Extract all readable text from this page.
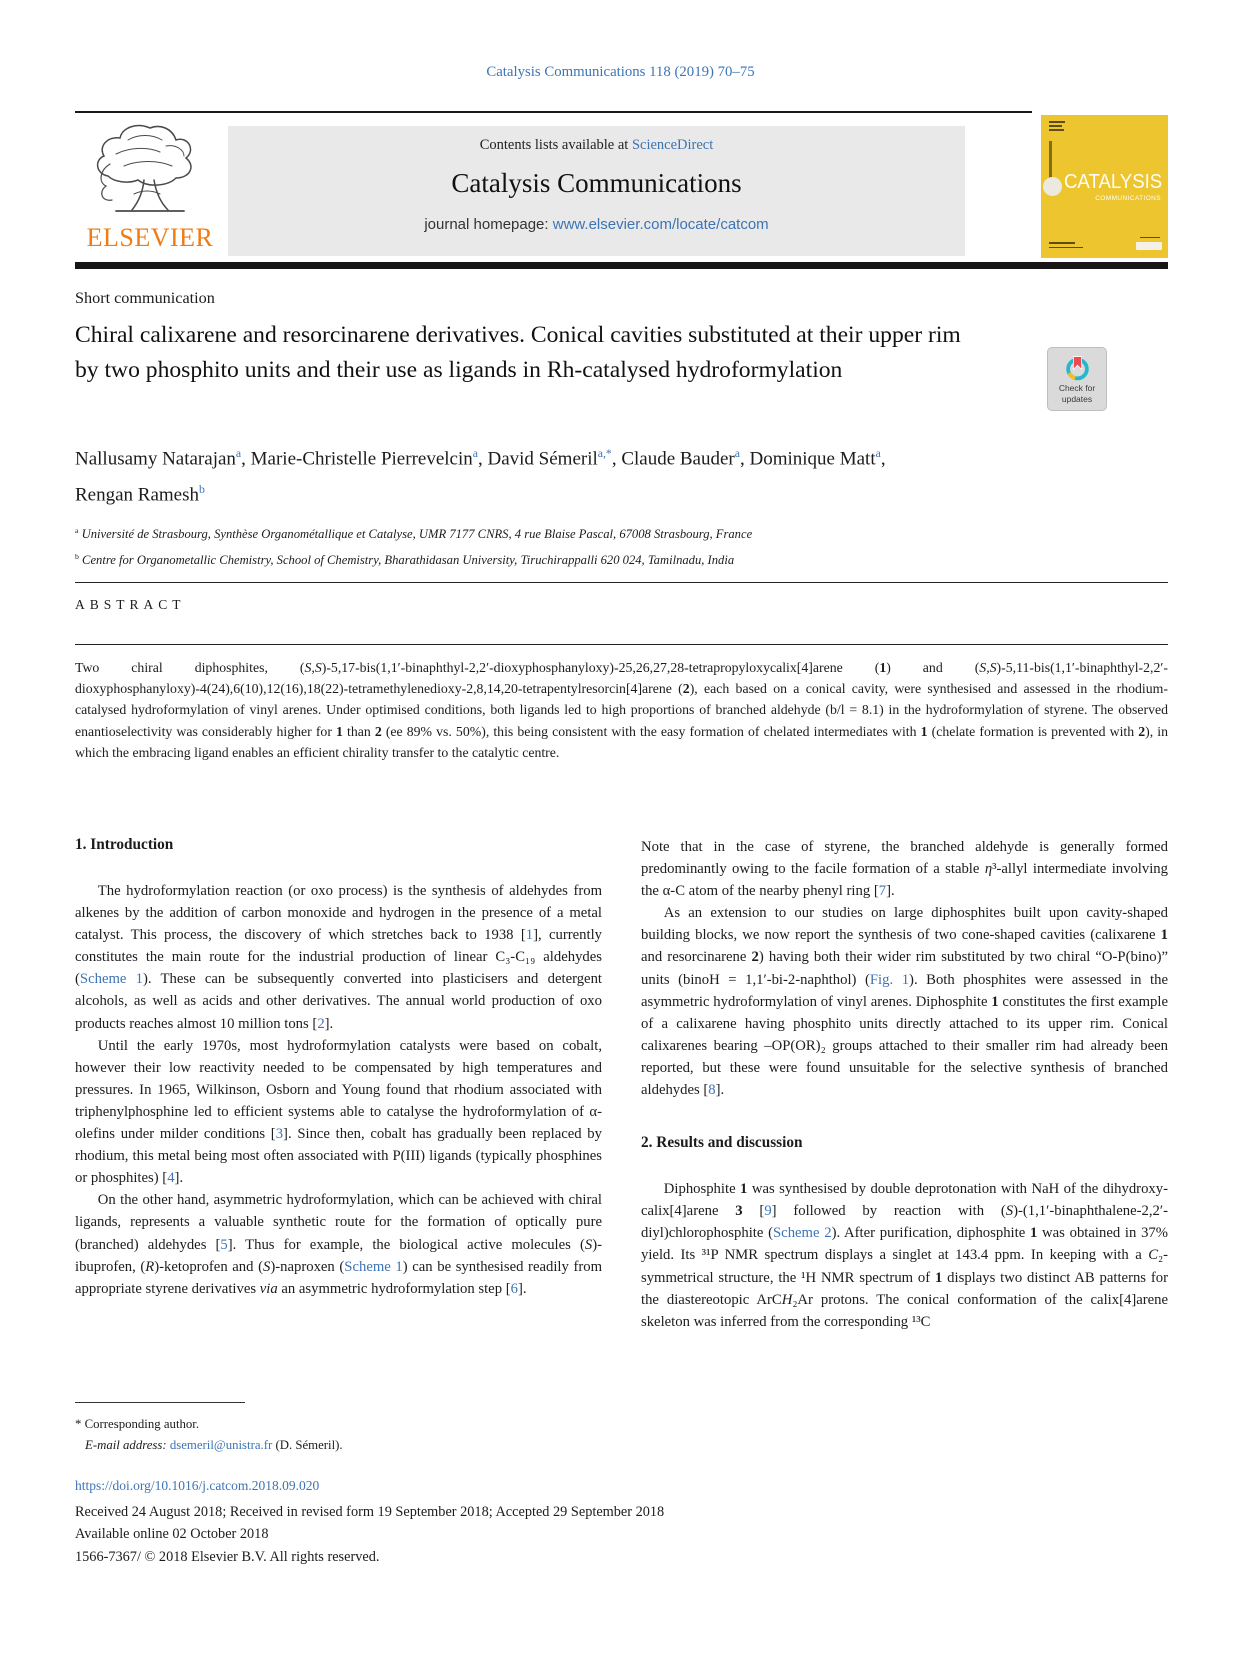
Catalysis Communications 118 (2019) 70–75
ELSEVIER
Contents lists available at ScienceDirect
Catalysis Communications
journal homepage: www.elsevier.com/locate/catcom
CATALYSIS
COMMUNICATIONS
Short communication
Chiral calixarene and resorcinarene derivatives. Conical cavities substituted at their upper rim by two phosphito units and their use as ligands in Rh-catalysed hydroformylation
Check for updates
Nallusamy Natarajan$^a$, Marie-Christelle Pierrevelcin$^a$, David Sémeril$^{a,*}$, Claude Bauder$^a$, Dominique Matt$^a$, Rengan Ramesh$^b$

$^a$ Université de Strasbourg, Synthèse Organométallique et Catalyse, UMR 7177 CNRS, 4 rue Blaise Pascal, 67008 Strasbourg, France

$^b$ Centre for Organometallic Chemistry, School of Chemistry, Bharathidasan University, Tiruchirappalli 620 024, Tamilnadu, India

ABSTRACT
Two chiral diphosphites, (S,S)-5,17-bis(1,1′-binaphthyl-2,2′-dioxyphosphanyloxy)-25,26,27,28-tetrapropyloxycalix[4]arene (1) and (S,S)-5,11-bis(1,1′-binaphthyl-2,2′-dioxyphosphanyloxy)-4(24),6(10),12(16),18(22)-tetramethylenedioxy-2,8,14,20-tetrapentylresorcin[4]arene (2), each based on a conical cavity, were synthesised and assessed in the rhodium-catalysed hydroformylation of vinyl arenes. Under optimised conditions, both ligands led to high proportions of branched aldehyde (b/l = 8.1) in the hydroformylation of styrene. The observed enantioselectivity was considerably higher for 1 than 2 (ee 89% vs. 50%), this being consistent with the easy formation of chelated intermediates with 1 (chelate formation is prevented with 2), in which the embracing ligand enables an efficient chirality transfer to the catalytic centre.
1. Introduction

The hydroformylation reaction (or oxo process) is the synthesis of aldehydes from alkenes by the addition of carbon monoxide and hydrogen in the presence of a metal catalyst. This process, the discovery of which stretches back to 1938 [1], currently constitutes the main route for the industrial production of linear C₃-C₁₉ aldehydes (Scheme 1). These can be subsequently converted into plasticisers and detergent alcohols, as well as acids and other derivatives. The annual world production of oxo products reaches almost 10 million tons [2].

Until the early 1970s, most hydroformylation catalysts were based on cobalt, however their low reactivity needed to be compensated by high temperatures and pressures. In 1965, Wilkinson, Osborn and Young found that rhodium associated with triphenylphosphine led to efficient systems able to catalyse the hydroformylation of α-olefins under milder conditions [3]. Since then, cobalt has gradually been replaced by rhodium, this metal being most often associated with P(III) ligands (typically phosphines or phosphites) [4].

On the other hand, asymmetric hydroformylation, which can be achieved with chiral ligands, represents a valuable synthetic route for the formation of optically pure (branched) aldehydes [5]. Thus for example, the biological active molecules (S)-ibuprofen, (R)-ketoprofen and (S)-naproxen (Scheme 1) can be synthesised readily from appropriate styrene derivatives via an asymmetric hydroformylation step [6].

Note that in the case of styrene, the branched aldehyde is generally formed predominantly owing to the facile formation of a stable η³-allyl intermediate involving the α-C atom of the nearby phenyl ring [7].

As an extension to our studies on large diphosphites built upon cavity-shaped building blocks, we now report the synthesis of two cone-shaped cavities (calixarene 1 and resorcinarene 2) having both their wider rim substituted by two chiral “O-P(bino)” units (binoH = 1,1′-bi-2-naphthol) (Fig. 1). Both phosphites were assessed in the asymmetric hydroformylation of vinyl arenes. Diphosphite 1 constitutes the first example of a calixarene having phosphito units directly attached to its upper rim. Conical calixarenes bearing –OP(OR)₂ groups attached to their smaller rim had already been reported, but these were found unsuitable for the selective synthesis of branched aldehydes [8].

2. Results and discussion

Diphosphite 1 was synthesised by double deprotonation with NaH of the dihydroxy-calix[4]arene 3 [9] followed by reaction with (S)-(1,1′-binaphthalene-2,2′-diyl)chlorophosphite (Scheme 2). After purification, diphosphite 1 was obtained in 37% yield. Its ³¹P NMR spectrum displays a singlet at 143.4 ppm. In keeping with a C₂-symmetrical structure, the ¹H NMR spectrum of 1 displays two distinct AB patterns for the diastereotopic ArCH₂Ar protons. The conical conformation of the calix[4]arene skeleton was inferred from the corresponding ¹³C

* Corresponding author.
E-mail address: dsemeril@unistra.fr (D. Sémeril).
https://doi.org/10.1016/j.catcom.2018.09.020
Received 24 August 2018; Received in revised form 19 September 2018; Accepted 29 September 2018
Available online 02 October 2018
1566-7367/ © 2018 Elsevier B.V. All rights reserved.
